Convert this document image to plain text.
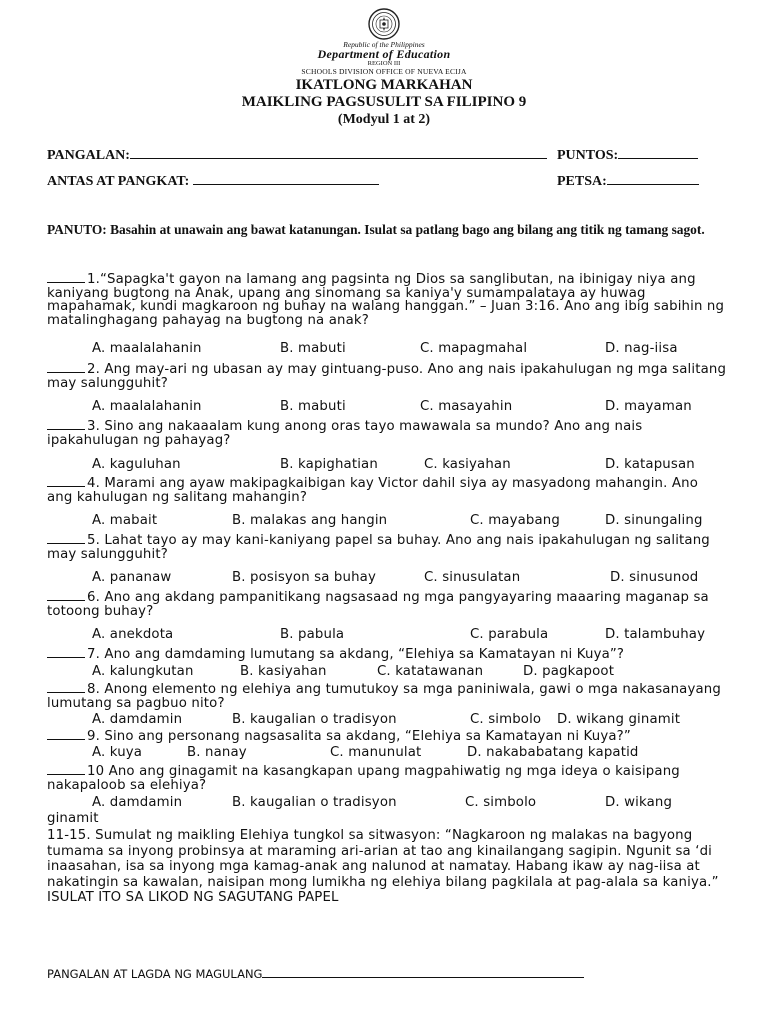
Republic of the Philippines
Department of Education
REGION III
SCHOOLS DIVISION OFFICE OF NUEVA ECIJA
IKATLONG MARKAHAN
MAIKLING PAGSUSULIT SA FILIPINO 9
(Modyul 1 at 2)
PANGALAN:	PUNTOS:
ANTAS AT PANGKAT:	PETSA:
PANUTO: Basahin at unawain ang bawat katanungan. Isulat sa patlang bago ang bilang ang titik ng tamang sagot.
1.“Sapagka't gayon na lamang ang pagsinta ng Dios sa sanglibutan, na ibinigay niya ang kaniyang bugtong na Anak, upang ang sinomang sa kaniya'y sumampalataya ay huwag mapahamak, kundi magkaroon ng buhay na walang hanggan.” – Juan 3:16. Ano ang ibig sabihin ng matalinghagang pahayag na bugtong na anak?
A. maalalahanin	B. mabuti	C. mapagmahal	D. nag-iisa
2. Ang may-ari ng ubasan ay may gintuang-puso. Ano ang nais ipakahulugan ng mga salitang may salungguhit?
A. maalalahanin	B. mabuti	C. masayahin	D. mayaman
3. Sino ang nakaaalam kung anong oras tayo mawawala sa mundo? Ano ang nais ipakahulugan ng pahayag?
A. kaguluhan	B. kapighatian	C. kasiyahan	D. katapusan
4. Marami ang ayaw makipagkaibigan kay Victor dahil siya ay masyadong mahangin. Ano ang kahulugan ng salitang mahangin?
A. mabait	B. malakas ang hangin	C. mayabang	D. sinungaling
5. Lahat tayo ay may kani-kaniyang papel sa buhay. Ano ang nais ipakahulugan ng salitang may salungguhit?
A. pananaw	B. posisyon sa buhay	C. sinusulatan	D. sinusunod
6. Ano ang akdang pampanitikang nagsasaad ng mga pangyayaring maaaring maganap sa totoong buhay?
A. anekdota	B. pabula	C. parabula	D. talambuhay
7. Ano ang damdaming lumutang sa akdang, “Elehiya sa Kamatayan ni Kuya”?
A. kalungkutan	B. kasiyahan	C. katatawanan	D. pagkapoot
8. Anong elemento ng elehiya ang tumutukoy sa mga paniniwala, gawi o mga nakasanayang lumutang sa pagbuo nito?
A. damdamin	B. kaugalian o tradisyon	C. simbolo D. wikang ginamit
9. Sino ang personang nagsasalita sa akdang, “Elehiya sa Kamatayan ni Kuya?”
A. kuya	B. nanay	C. manunulat	D. nakababatang kapatid
10 Ano ang ginagamit na kasangkapan upang magpahiwatig ng mga ideya o kaisipang nakapaloob sa elehiya?
A. damdamin	B. kaugalian o tradisyon	C. simbolo	D. wikang
ginamit
11-15. Sumulat ng maikling Elehiya tungkol sa sitwasyon: “Nagkaroon ng malakas na bagyong tumama sa inyong probinsya at maraming ari-arian at tao ang kinailangang sagipin. Ngunit sa ‘di inaasahan, isa sa inyong mga kamag-anak ang nalunod at namatay. Habang ikaw ay nag-iisa at nakatingin sa kawalan, naisipan mong lumikha ng elehiya bilang pagkilala at pag-alala sa kaniya.” ISULAT ITO SA LIKOD NG SAGUTANG PAPEL
PANGALAN AT LAGDA NG MAGULANG
